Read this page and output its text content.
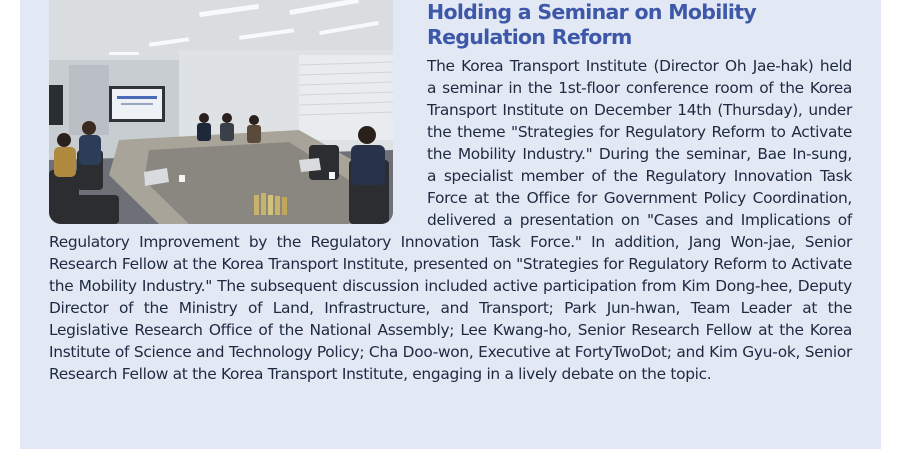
Holding a Seminar on Mobility Regulation Reform

The Korea Transport Institute (Director Oh Jae-hak) held a seminar in the 1st-floor conference room of the Korea Transport Institute on December 14th (Thursday), under the theme "Strategies for Regulatory Reform to Activate the Mobility Industry." During the seminar, Bae In-sung, a specialist member of the Regulatory Innovation Task Force at the Office for Government Policy Coordination, delivered a presentation on "Cases and Implications of Regulatory Improvement by the Regulatory Innovation Task Force." In addition, Jang Won-jae, Senior Research Fellow at the Korea Transport Institute, presented on "Strategies for Regulatory Reform to Activate the Mobility Industry." The subsequent discussion included active participation from Kim Dong-hee, Deputy Director of the Ministry of Land, Infrastructure, and Transport; Park Jun-hwan, Team Leader at the Legislative Research Office of the National Assembly; Lee Kwang-ho, Senior Research Fellow at the Korea Institute of Science and Technology Policy; Cha Doo-won, Executive at FortyTwoDot; and Kim Gyu-ok, Senior Research Fellow at the Korea Transport Institute, engaging in a lively debate on the topic.
